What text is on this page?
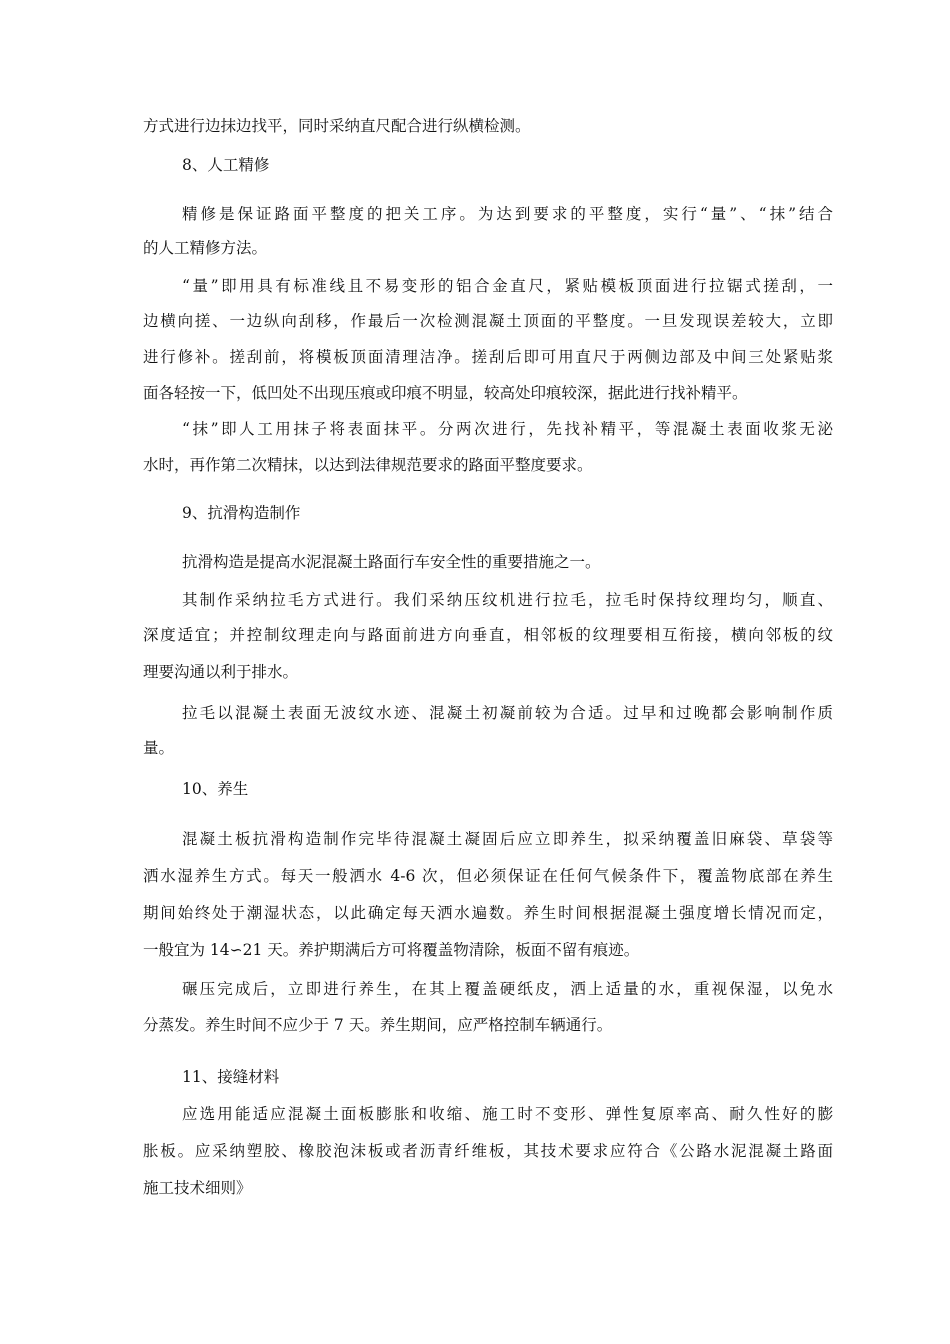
方式进行边抹边找平，同时采纳直尺配合进行纵横检测。
8、人工精修
精修是保证路面平整度的把关工序。为达到要求的平整度，实行“量”、“抹”结合
的人工精修方法。
“量”即用具有标准线且不易变形的铝合金直尺，紧贴模板顶面进行拉锯式搓刮，一
边横向搓、一边纵向刮移，作最后一次检测混凝土顶面的平整度。一旦发现误差较大，立即
进行修补。搓刮前，将模板顶面清理洁净。搓刮后即可用直尺于两侧边部及中间三处紧贴浆
面各轻按一下，低凹处不出现压痕或印痕不明显，较高处印痕较深，据此进行找补精平。
“抹”即人工用抹子将表面抹平。分两次进行，先找补精平，等混凝土表面收浆无泌
水时，再作第二次精抹，以达到法律规范要求的路面平整度要求。
9、抗滑构造制作
抗滑构造是提高水泥混凝土路面行车安全性的重要措施之一。
其制作采纳拉毛方式进行。我们采纳压纹机进行拉毛，拉毛时保持纹理均匀，顺直、
深度适宜；并控制纹理走向与路面前进方向垂直，相邻板的纹理要相互衔接，横向邻板的纹
理要沟通以利于排水。
拉毛以混凝土表面无波纹水迹、混凝土初凝前较为合适。过早和过晚都会影响制作质
量。
10、养生
混凝土板抗滑构造制作完毕待混凝土凝固后应立即养生，拟采纳覆盖旧麻袋、草袋等
洒水湿养生方式。每天一般洒水 4-6 次，但必须保证在任何气候条件下，覆盖物底部在养生
期间始终处于潮湿状态，以此确定每天洒水遍数。养生时间根据混凝土强度增长情况而定，
一般宜为 14∽21 天。养护期满后方可将覆盖物清除，板面不留有痕迹。
碾压完成后，立即进行养生，在其上覆盖硬纸皮，洒上适量的水，重视保湿，以免水
分蒸发。养生时间不应少于 7 天。养生期间，应严格控制车辆通行。
11、接缝材料
应选用能适应混凝土面板膨胀和收缩、施工时不变形、弹性复原率高、耐久性好的膨
胀板。应采纳塑胶、橡胶泡沫板或者沥青纤维板，其技术要求应符合《公路水泥混凝土路面
施工技术细则》
